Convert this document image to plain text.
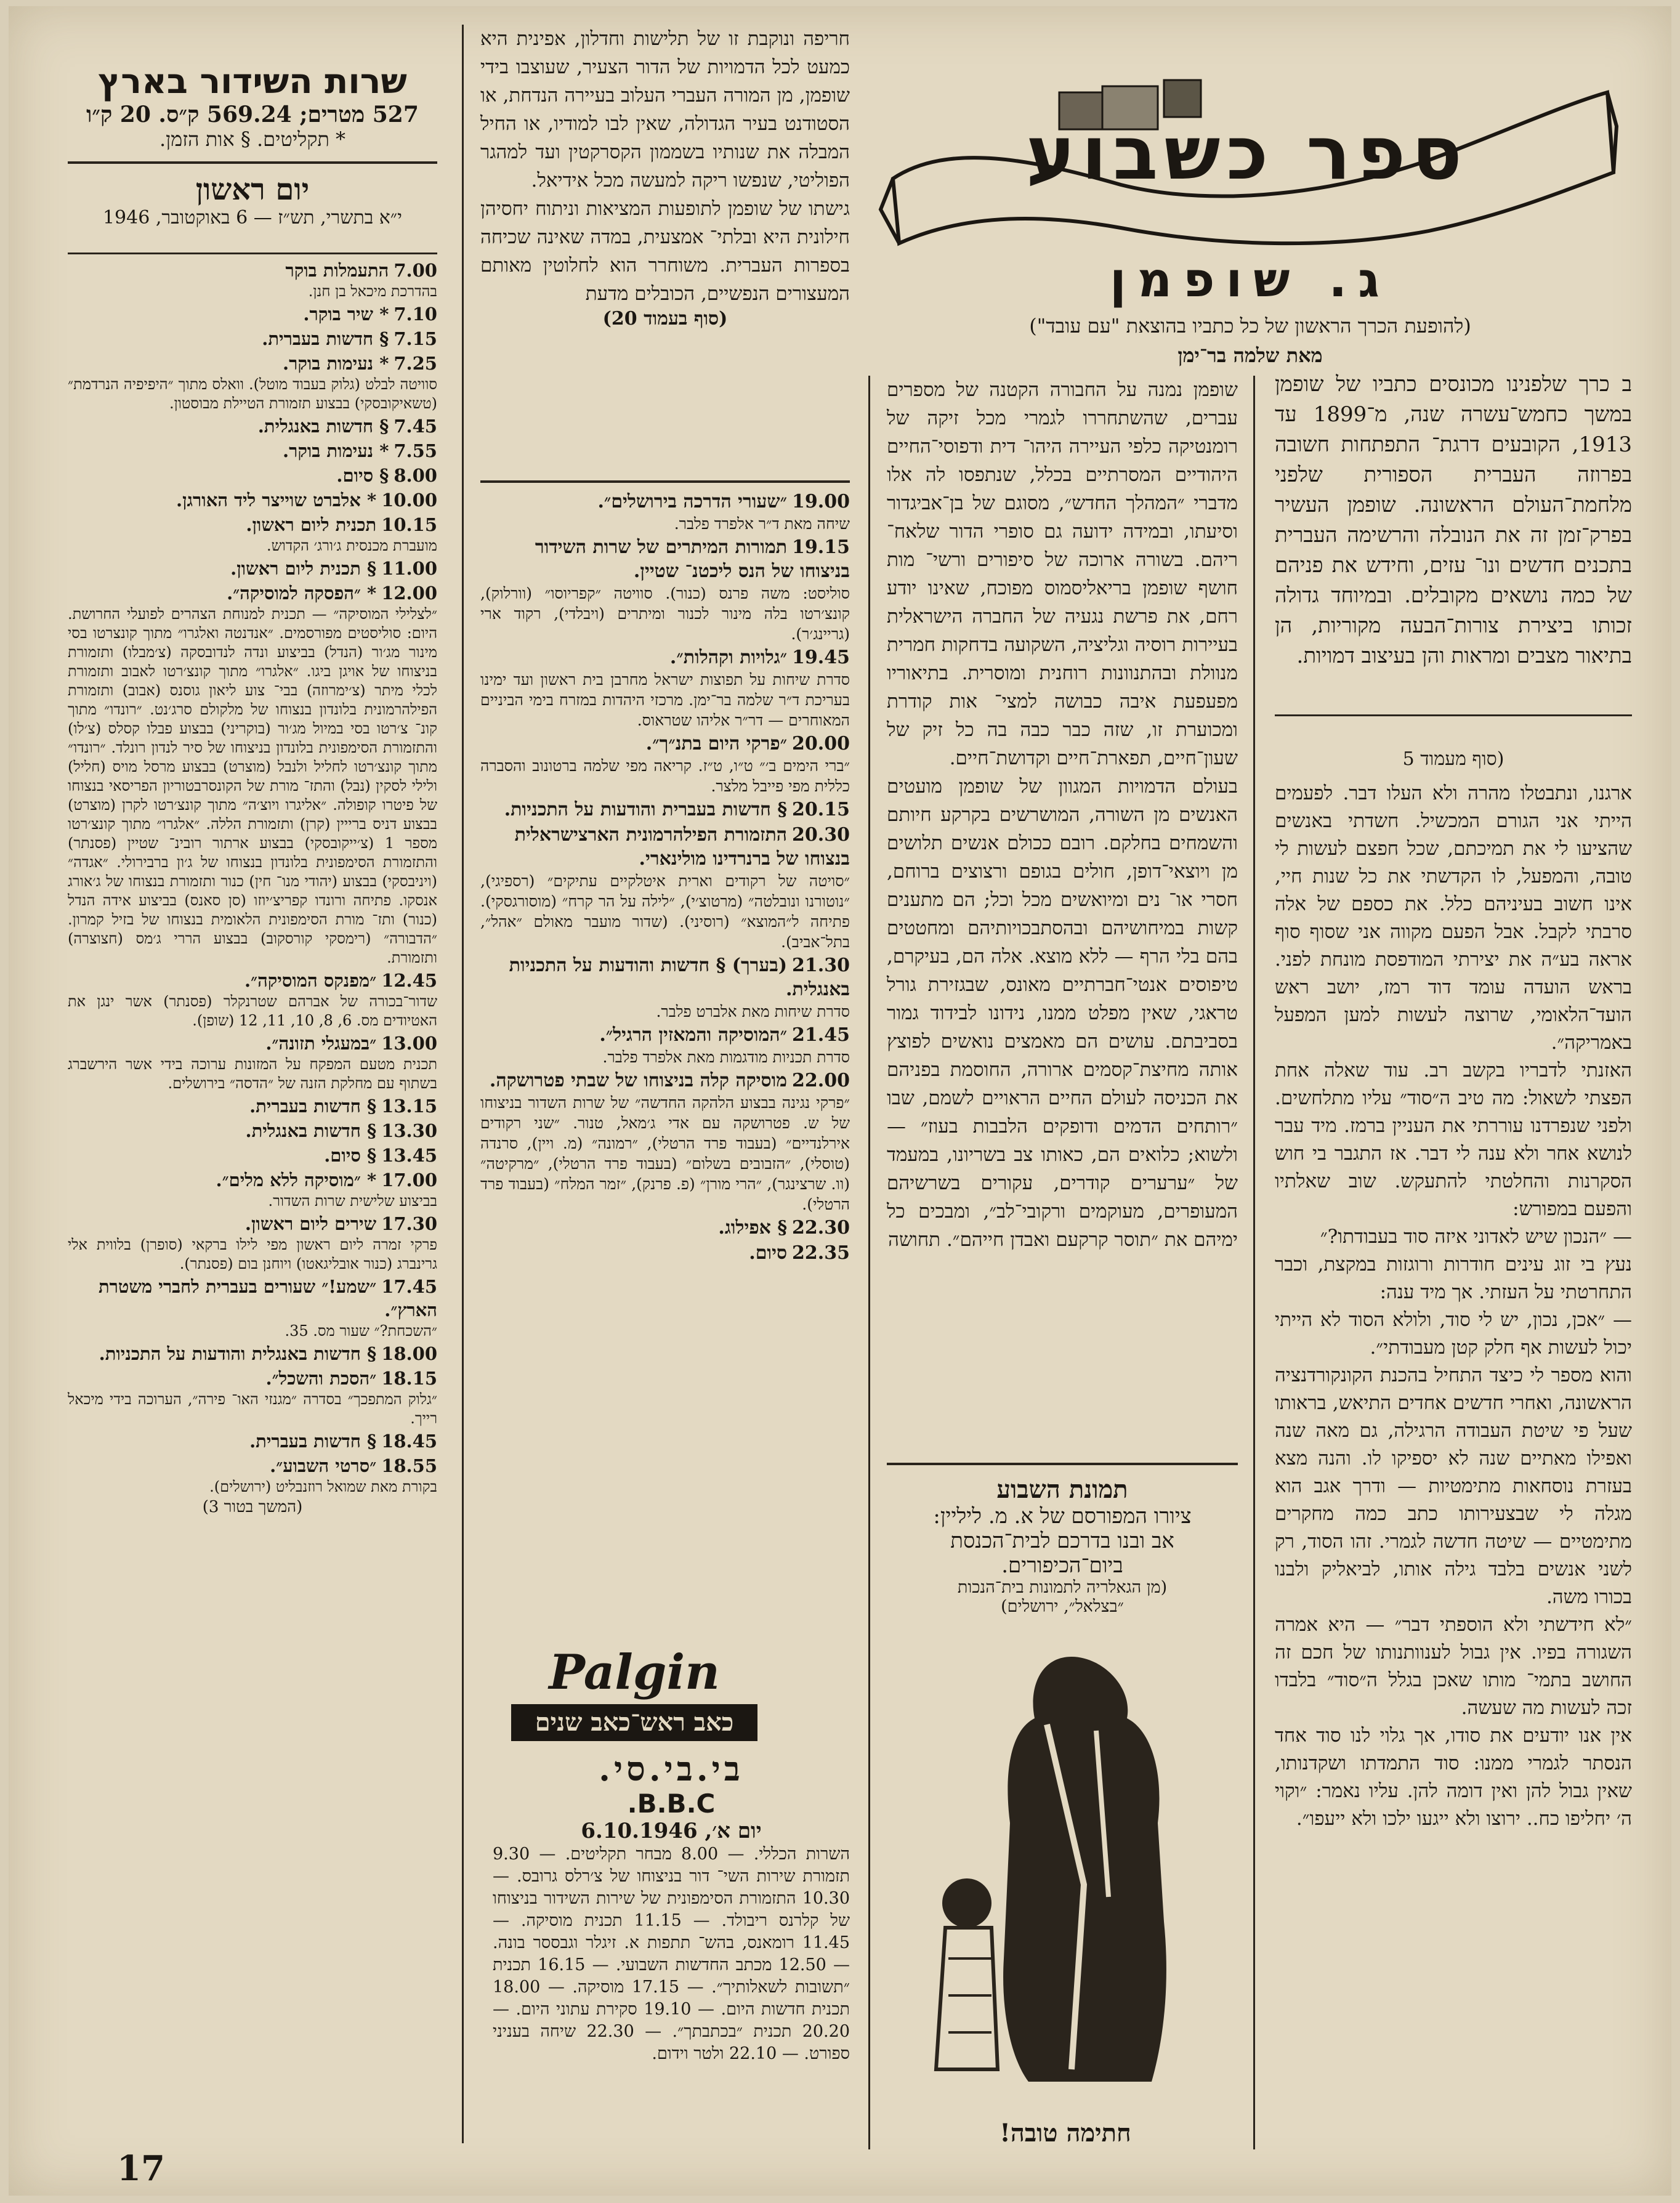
ספר כשבוע
ג. שופמן
(להופעת הכרך הראשון של כל כתביו בהוצאת "עם עובד")
מאת שלמה בר־ימן

ב כרך שלפנינו מכונסים כתביו של שופמן במשך כחמש־עשרה שנה, מ־1899 עד 1913, הקובעים דרגת־ התפתחות חשובה בפרוזה העברית הספורית שלפני מלחמת־העולם הראשונה. שופמן העשיר בפרק־זמן זה את הנובלה והרשימה העברית בתכנים חדשים ונו־ עזים, וחידש את פניהם של כמה נושאים מקובלים. ובמיוחד גדולה זכותו ביצירת צורות־הבעה מקוריות, הן בתיאור מצבים ומראות והן בעיצוב דמויות.

(סוף מעמוד 5

ארגנו, ונתבטלו מהרה ולא העלו דבר. לפעמים הייתי אני הגורם המכשיל. חשדתי באנשים שהציעו לי את תמיכתם, שכל חפצם לעשות לי טובה, והמפעל, לו הקדשתי את כל שנות חיי, אינו חשוב בעיניהם כלל. את כספם של אלה סרבתי לקבל. אבל הפעם מקווה אני שסוף סוף אראה בע״ה את יצירתי המודפסת מונחת לפני. בראש הועדה עומד דוד רמז, יושב ראש הועד־הלאומי, שרוצה לעשות למען המפעל באמריקה״.

האזנתי לדבריו בקשב רב. עוד שאלה אחת הפצתי לשאול: מה טיב ה״סוד״ עליו מתלחשים. ולפני שנפרדנו עוררתי את העניין ברמז. מיד עבר לנושא אחר ולא ענה לי דבר. אז התגבר בי חוש הסקרנות והחלטתי להתעקש. שוב שאלתיו והפעם במפורש:

— ״הנכון שיש לאדוני איזה סוד בעבודתו?״

נעץ בי זוג עינים חודרות ורוגזות במקצת, וכבר התחרטתי על העזתי. אך מיד ענה:

— ״אכן, נכון, יש לי סוד, ולולא הסוד לא הייתי יכול לעשות אף חלק קטן מעבודתי״.

והוא מספר לי כיצד התחיל בהכנת הקונקורדנציה הראשונה, ואחרי חדשים אחדים התיאש, בראותו שעל פי שיטת העבודה הרגילה, גם מאה שנה ואפילו מאתיים שנה לא יספיקו לו. והנה מצא בעזרת נוסחאות מתימטיות — ודרך אגב הוא מגלה לי שבצעירותו כתב כמה מחקרים מתימטיים — שיטה חדשה לגמרי. זהו הסוד, רק לשני אנשים בלבד גילה אותו, לביאליק ולבנו בכורו משה.

״לא חידשתי ולא הוספתי דבר״ — היא אמרה השגורה בפיו. אין גבול לענוותנותו של חכם זה החושב בתמי־ מותו שאכן בגלל ה״סוד״ בלבדו זכה לעשות מה שעשה.

אין אנו יודעים את סודו, אך גלוי לנו סוד אחד הנסתר לגמרי ממנו: סוד התמדתו ושקדנותו, שאין גבול להן ואין דומה להן. עליו נאמר: ״וקוי ה׳ יחליפו כח.. ירוצו ולא ייגעו ילכו ולא ייעפו״.

שופמן נמנה על החבורה הקטנה של מספרים עברים, שהשתחררו לגמרי מכל זיקה של רומנטיקה כלפי העיירה היהו־ דית ודפוסי־החיים היהודיים המסרתיים בכלל, שנתפסו לה אלו מדברי ״המהלך החדש״, מסוגם של בן־אביגדור וסיעתו, ובמידה ידועה גם סופרי הדור שלאח־ ריהם. בשורה ארוכה של סיפורים ורשי־ מות חושף שופמן בריאליסמוס מפוכח, שאינו יודע רחם, את פרשת נגעיה של החברה הישראלית בעיירות רוסיה וגליציה, השקועה בדחקות חמרית מנוולת ובהתנוונות רוחנית ומוסרית. בתיאוריו מפעפעת איבה כבושה למצי־ אות קודרת ומכוערת זו, שזה כבר כבה בה כל זיק של שעון־חיים, תפארת־חיים וקדושת־חיים.

בעולם הדמויות המגוון של שופמן מועטים האנשים מן השורה, המושרשים בקרקע חיותם והשמחים בחלקם. רובם ככולם אנשים תלושים מן ויוצאי־דופן, חולים בגופם ורצוצים ברוחם, חסרי או־ נים ומיואשים מכל וכל; הם מתענים קשות במיחושיהם ובהסתבכויותיהם ומחטטים בהם בלי הרף — ללא מוצא. אלה הם, בעיקרם, טיפוסים אנטי־חברתיים מאונס, שבגזירת גורל טראגי, שאין מפלט ממנו, נידונו לבידוד גמור בסביבתם. עושים הם מאמצים נואשים לפוצץ אותה מחיצת־קסמים ארורה, החוסמת בפניהם את הכניסה לעולם החיים הראויים לשמם, שבו ״רותחים הדמים ודופקים הלבבות בעוז״ — ולשוא; כלואים הם, כאותו צב בשריונו, במעמד של ״ערערים קודרים, עקורים בשרשיהם המעופרים, מעוקמים ורקובי־לב״, ומבכים כל ימיהם את ״תוסר קרקעם ואבדן חייהם״. תחושה

תמונת השבוע

ציורו המפורסם של א. מ. ליליין:

אב ובנו בדרכם לבית־הכנסת

ביום־הכיפורים.

(מן הגאלריה לתמונות בית־הנכות

״בצלאל״, ירושלים)

חתימה טובה!

חריפה ונוקבת זו של תלישות וחדלון, אפינית היא כמעט לכל הדמויות של הדור הצעיר, שעוצבו בידי שופמן, מן המורה העברי העלוב בעיירה הנדחת, או הסטודנט בעיר הגדולה, שאין לבו למודיו, או החיל המבלה את שנותיו בשממון הקסרקטין ועד למהגר הפוליטי, שנפשו ריקה למעשה מכל אידיאל.

גישתו של שופמן לתופעות המציאות וניתוח יחסיהן חילונית היא ובלתי־ אמצעית, במדה שאינה שכיחה בספרות העברית. משוחרר הוא לחלוטין מאותם המעצורים הנפשיים, הכובלים מדעת

(סוף בעמוד 20)

19.00״שעורי הדרכה בירושלים״.
שיחה מאת ד״ר אלפרד פלבר.
19.15תמורות המיתרים של שרות השידור בניצוחו של הנס ליכטנ־ שטיין.
סוליסט: משה פרנס (כנור). סוויטה ״קפריוסו״ (וורלוק), קונצ׳רטו בלה מינור לכנור ומיתרים (ויבלדי), רקוד ארי (גריינג׳ר).
19.45״גלויות וקהלות״.
סדרת שיחות על תפוצות ישראל מחרבן בית ראשון ועד ימינו בעריכת ד״ר שלמה בר־ימן. מרכזי היהדות במזרח בימי הביניים המאוחרים — דר״ר אליהו שטראוס.
20.00״פרקי היום בתנ״ך״.
״ברי הימים ב׳״ ט״ו, ט״ז. קריאה מפי שלמה ברטונוב והסברה כללית מפי פייבל מלצר.
20.15§ חדשות בעברית והודעות על התכניות.
20.30התזמורת הפילהרמונית הארצישראלית בנצוחו של ברנרדינו מולינארי.
״סויטה של רקודים וארית איטלקיים עתיקים״ (רספיגי), ״נוטורנו ונובלטה״ (מרטוצ׳י), ״לילה על הר קרח״ (מוסורגסקי). פתיחה ל״המוצא״ (רוסיני). (שדור מועבר מאולם ״אהל״, בתל־אביב).
21.30(בערך) § חדשות והודעות על התכניות באנגלית.
סדרת שיחות מאת אלברט פלבר.
21.45״המוסיקה והמאזין הרגיל״.
סדרת תכניות מודגמות מאת אלפרד פלבר.
22.00מוסיקה קלה בניצוחו של שבתי פטרושקה.
״פרקי נגינה בבצוע הלהקה החדשה״ של שרות השדור בניצוחו של ש. פטרושקה עם אדי ג׳מאל, טנור. ״שני רקודים אירלנדיים״ (בעבוד פרד הרטלי), ״רמונה״ (מ. ויין), סרנדה (טוסלי), ״הזבובים בשלום״ (בעבוד פרד הרטלי), ״מרקיטה״ (וו. שרצינגר), ״הרי מורן״ (פ. פרנק), ״זמר המלח״ (בעבוד פרד הרטלי).
22.30§ אפילוג.
22.35סיום.
Palgin
כאב ראש־כאב שנים

בי.בי.סי.

B.B.C.

יום א׳, 6.10.1946

השרות הכללי. — 8.00 מבחר תקליטים. — 9.30 תזמורת שירות השי־ דור בניצוחו של צ׳רלס גרובס. — 10.30 התזמורת הסימפונית של שירות השידור בניצוחו של קלרנס ריבולד. — 11.15 תכנית מוסיקה. — 11.45 רומאנס, בהש־ תתפות א. זיגלר וגבססר בונה. — 12.50 מכתב החדשות השבועי. — 16.15 תכנית ״תשובות לשאלותיך״. — 17.15 מוסיקה. — 18.00 תכנית חדשות היום. — 19.10 סקירת עתוני היום. — 20.20 תכנית ״בכתבתך״. — 22.30 שיחה בעניני ספורט. — 22.10 ולטר וידום.

שרות השידור בארץ

527 מטרים; 569.24 ק״ס. 20 ק״ו

* תקליטים. § אות הזמן.

יום ראשון

י״א בתשרי, תש״ז — 6 באוקטובר, 1946

7.00התעמלות בוקר
בהדרכת מיכאל בן חנן.
7.10* שיר בוקר.
7.15§ חדשות בעברית.
7.25* נעימות בוקר.
סוויטה לבלט (גלוק בעבוד מוטל). וואלס מתוך ״היפיפיה הנרדמת״ (טשאיקובסקי) בבצוע תזמורת הטיילת מבוסטון.
7.45§ חדשות באנגלית.
7.55* נעימות בוקר.
8.00§ סיום.
10.00* אלברט שוייצר ליד האורגן.
10.15תכנית ליום ראשון.
מועברת מכנסית ג׳ורג׳ הקדוש.
11.00§ תכנית ליום ראשון.
12.00* ״הפסקה למוסיקה״.
״לצלילי המוסיקה״ — תכנית למנוחת הצהרים לפועלי החרושת. היום: סוליסטים מפורסמים. ״אנדנטה ואלגרו״ מתוך קונצרטו בסי מינור מג׳ור (הנדל) בביצוע ונדה לנדובסקה (צ׳מבלו) ותזמורת בניצוחו של אויגן ביגו. ״אלגרו״ מתוך קונצ׳רטו לאבוב ותזמורת לכלי מיתר (צ׳ימרוזה) בבי־ צוע ליאון גוסנס (אבוב) ותזמורת הפילהרמונית בלונדון בנצוחו של מלקולם סרג׳נט. ״רונדו״ מתוך קונ־ צ׳רטו בסי במיול מג׳ור (בוקריני) בבצוע פבלו קסלס (צ׳לו) והתזמורת הסימפונית בלונדון בניצוחו של סיר לנדון רונלד. ״רונדו״ מתוך קונצ׳רטו לחליל ולנבל (מוצרט) בבצוע מרסל מויס (חליל) ולילי לסקין (נבל) והתז־ מורת של הקונסרבטוריון הפריסאי בנצוחו של פיטרו קופולה. ״אליגרו ויוצ׳ה״ מתוך קונצ׳רטו לקרן (מוצרט) בבצוע דניס ברייין (קרן) ותזמורת הללה. ״אלגרו״ מתוך קונצ׳רטו מספר 1 (צ׳ייקובסקי) בבצוע ארתור רובינ־ שטיין (פסנתר) והתזמורת הסימפונית בלונדון בנצוחו של ג׳ון ברבירולי. ״אגדה״ (ויניבסקי) בבצוע (יהודי מנו־ חין) כנור ותזמורת בנצוחו של ג׳אורג אנסקו. פתיחה ורונדו קפריצ׳יוזו (סן סאנס) בביצוע אידה הנדל (כנור) ותז־ מורת הסימפונית הלאומית בנצוחו של בזיל קמרון. ״הדבורה״ (רימסקי קורסקוב) בבצוע הררי ג׳מס (חצוצרה) ותזמורת.
12.45״מפנקס המוסיקה״.
שדור־בכורה של אברהם שטרנקלר (פסנתר) אשר ינגן את האטיודים מס. 6, 8, 10, 11, 12 (שופן).
13.00״במעגלי תזונה״.
תכנית מטעם המפקח על המזונות ערוכה בידי אשר הירשברג בשתוף עם מחלקת הזנה של ״הדסה״ בירושלים.
13.15§ חדשות בעברית.
13.30§ חדשות באנגלית.
13.45§ סיום.
17.00* ״מוסיקה ללא מלים״.
בביצוע שלישית שרות השדור.
17.30שירים ליום ראשון.
פרקי זמרה ליום ראשון מפי לילו ברקאי (סופרן) בלווית אלי גרינברג (כנור אובליגאטו) ויוחנן בום (פסנתר).
17.45״שמע!״ שעורים בעברית לחברי משטרת הארץ״.
״השכחת?״ שעור מס. 35.
18.00§ חדשות באנגלית והודעות על התכניות.
18.15״הסכת והשכל״.
״גלוק המתפכך״ בסדרה ״מגנזי האו־ פירה״, הערוכה בידי מיכאל רייך.
18.45§ חדשות בעברית.
18.55״סרטי השבוע״.
בקורת מאת שמואל רוזנבליט (ירושלים).

(המשך בטור 3)

17
